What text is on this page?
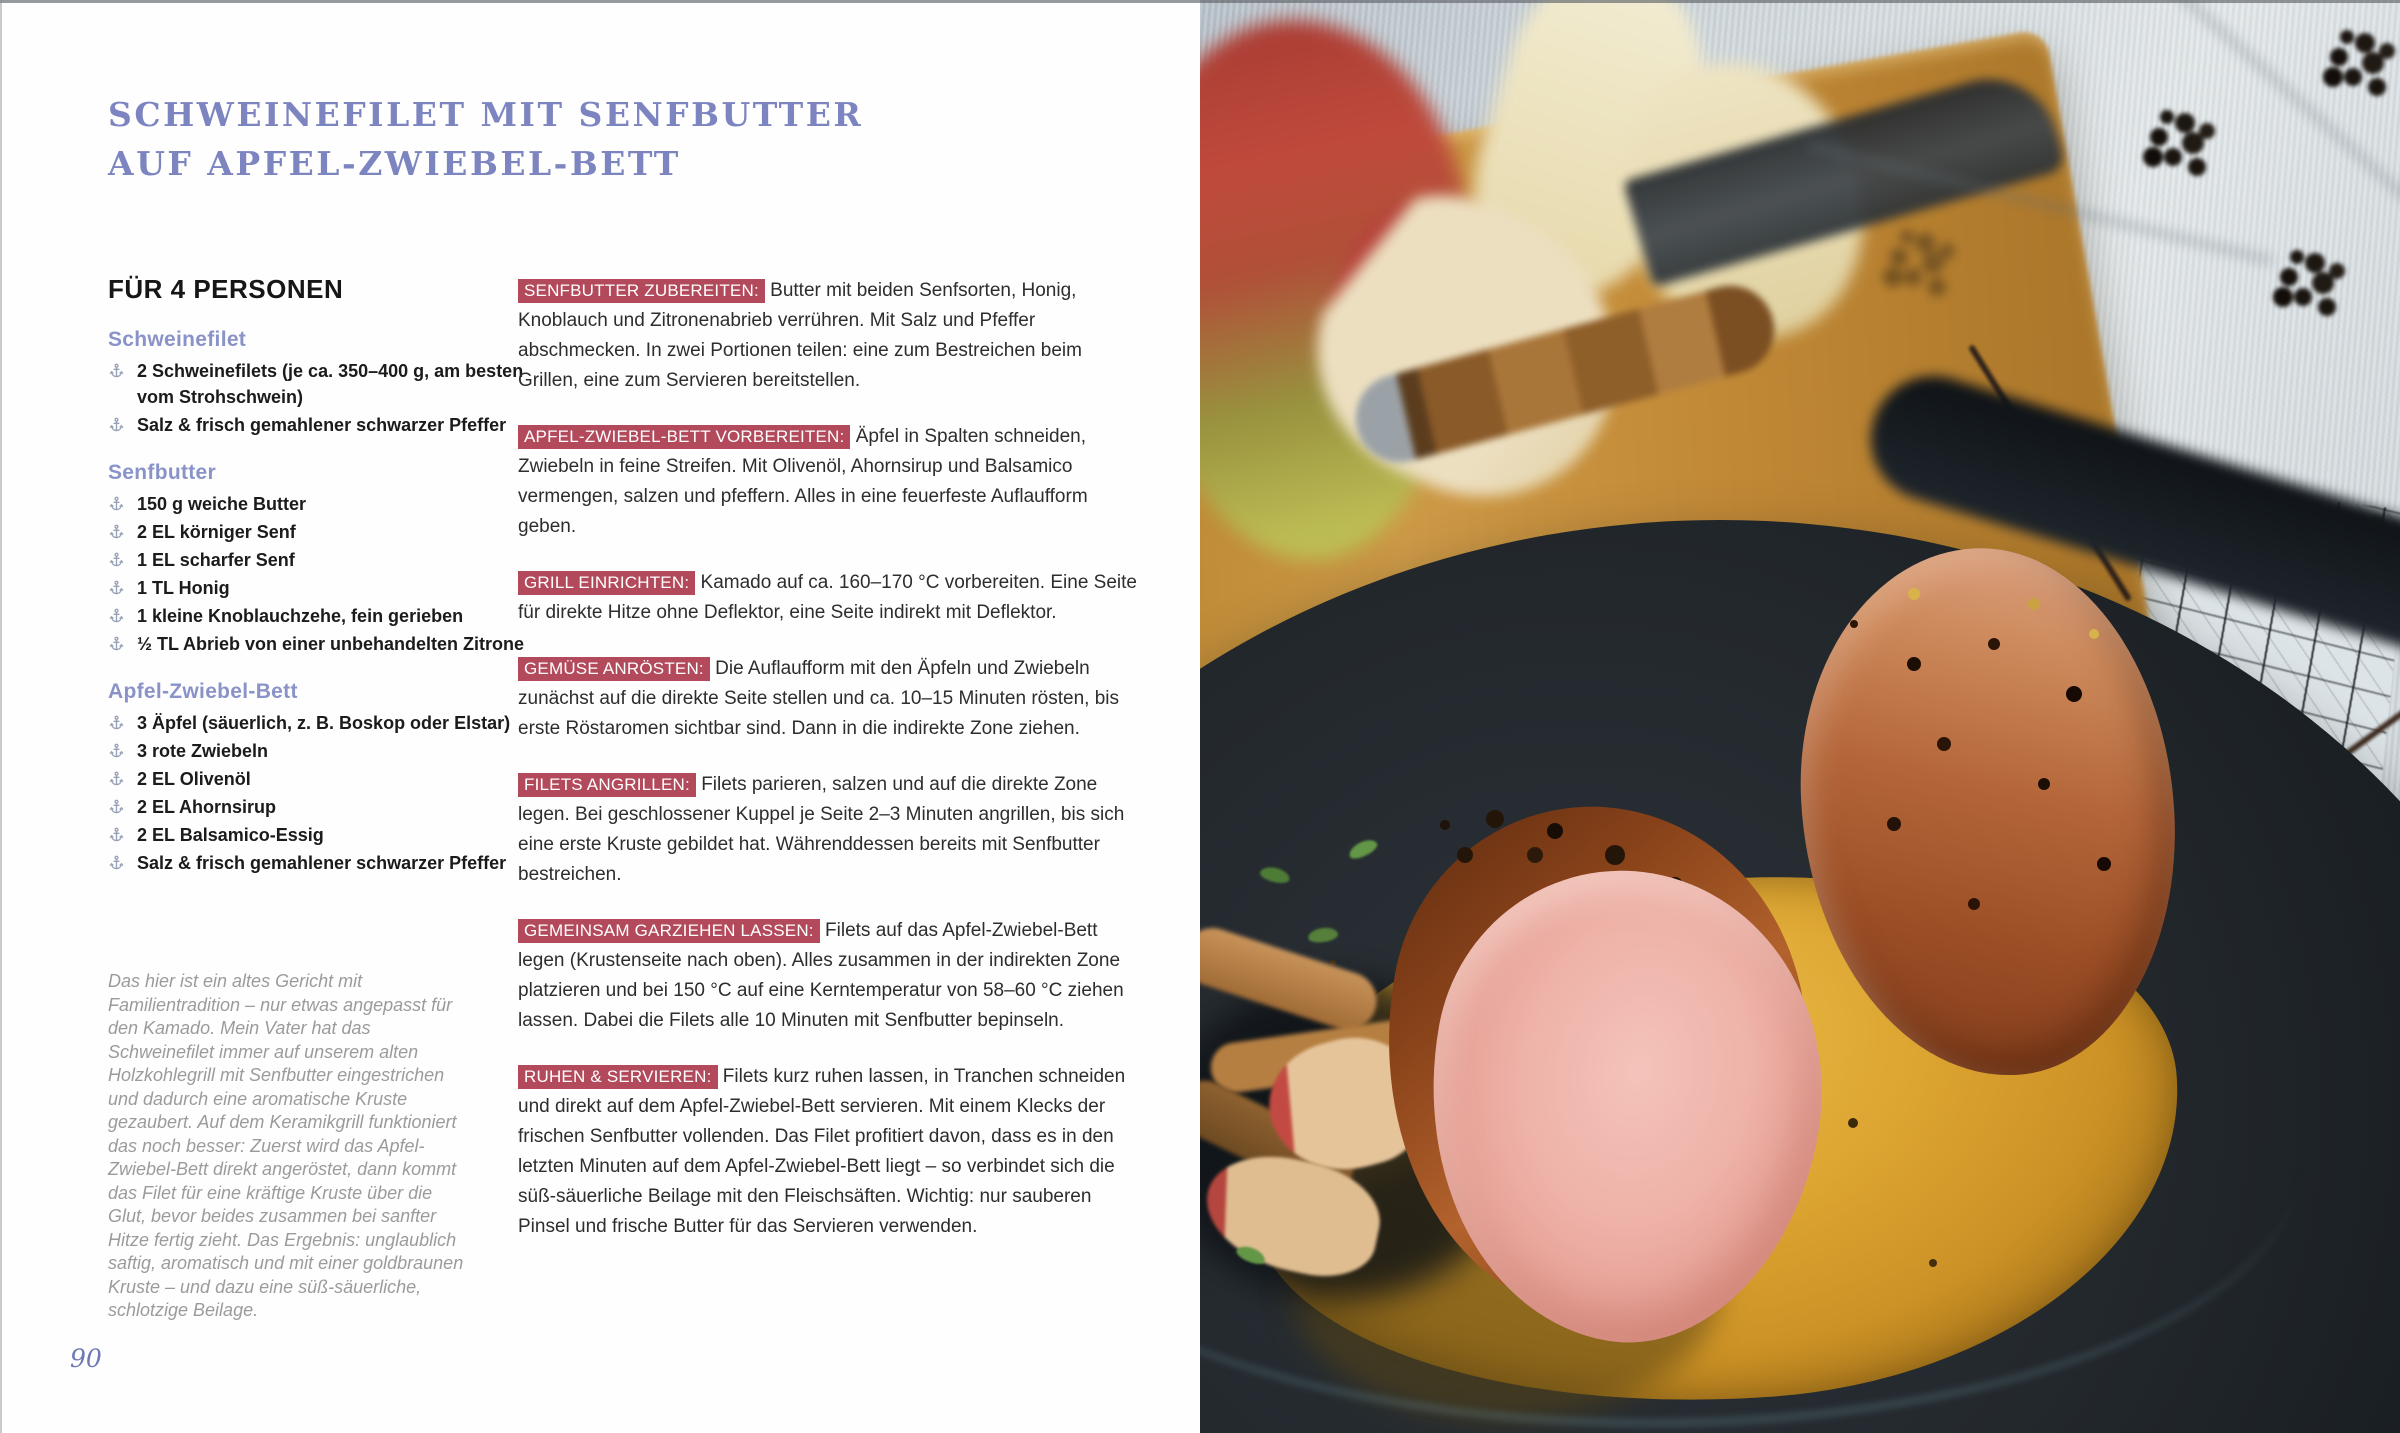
SCHWEINEFILET MIT SENFBUTTER
AUF APFEL-ZWIEBEL-BETT
FÜR 4 PERSONEN
Schweinefilet
2 Schweinefilets (je ca. 350–400 g, am besten vom Strohschwein)
Salz & frisch gemahlener schwarzer Pfeffer
Senfbutter
150 g weiche Butter
2 EL körniger Senf
1 EL scharfer Senf
1 TL Honig
1 kleine Knoblauchzehe, fein gerieben
½ TL Abrieb von einer unbehandelten Zitrone
Apfel-Zwiebel-Bett
3 Äpfel (säuerlich, z. B. Boskop oder Elstar)
3 rote Zwiebeln
2 EL Olivenöl
2 EL Ahornsirup
2 EL Balsamico-Essig
Salz & frisch gemahlener schwarzer Pfeffer

SENFBUTTER ZUBEREITEN: Butter mit beiden Senfsorten, Honig, Knoblauch und Zitronenabrieb verrühren. Mit Salz und Pfeffer abschmecken. In zwei Portionen teilen: eine zum Bestreichen beim Grillen, eine zum Servieren bereitstellen.

APFEL-ZWIEBEL-BETT VORBEREITEN: Äpfel in Spalten schneiden, Zwiebeln in feine Streifen. Mit Olivenöl, Ahornsirup und Balsamico vermengen, salzen und pfeffern. Alles in eine feuerfeste Auflaufform geben.

GRILL EINRICHTEN: Kamado auf ca. 160–170 °C vorbereiten. Eine Seite für direkte Hitze ohne Deflektor, eine Seite indirekt mit Deflektor.

GEMÜSE ANRÖSTEN: Die Auflaufform mit den Äpfeln und Zwiebeln zunächst auf die direkte Seite stellen und ca. 10–15 Minuten rösten, bis erste Röstaromen sichtbar sind. Dann in die indirekte Zone ziehen.

FILETS ANGRILLEN: Filets parieren, salzen und auf die direkte Zone legen. Bei geschlossener Kuppel je Seite 2–3 Minuten angrillen, bis sich eine erste Kruste gebildet hat. Währenddessen bereits mit Senfbutter bestreichen.

GEMEINSAM GARZIEHEN LASSEN: Filets auf das Apfel-Zwiebel-Bett legen (Krustenseite nach oben). Alles zusammen in der indirekten Zone platzieren und bei 150 °C auf eine Kerntemperatur von 58–60 °C ziehen lassen. Dabei die Filets alle 10 Minuten mit Senfbutter bepinseln.

RUHEN & SERVIEREN: Filets kurz ruhen lassen, in Tranchen schneiden und direkt auf dem Apfel-Zwiebel-Bett servieren. Mit einem Klecks der frischen Senfbutter vollenden. Das Filet profitiert davon, dass es in den letzten Minuten auf dem Apfel-Zwiebel-Bett liegt – so verbindet sich die süß-säuerliche Beilage mit den Fleischsäften. Wichtig: nur sauberen Pinsel und frische Butter für das Servieren verwenden.

Das hier ist ein altes Gericht mit Familientradition – nur etwas angepasst für den Kamado. Mein Vater hat das Schweinefilet immer auf unserem alten Holzkohlegrill mit Senfbutter eingestrichen und dadurch eine aromatische Kruste gezaubert. Auf dem Keramikgrill funktioniert das noch besser: Zuerst wird das Apfel-Zwiebel-Bett direkt angeröstet, dann kommt das Filet für eine kräftige Kruste über die Glut, bevor beides zusammen bei sanfter Hitze fertig zieht. Das Ergebnis: unglaublich saftig, aromatisch und mit einer goldbraunen Kruste – und dazu eine süß-säuerliche, schlotzige Beilage.
90
